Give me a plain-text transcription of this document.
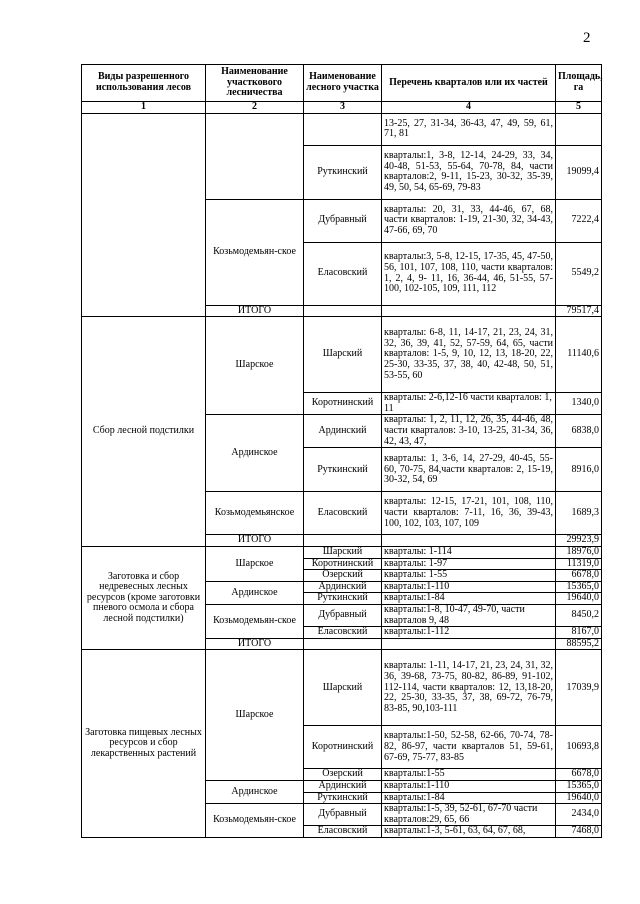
2
Виды разрешенного использования лесов	Наименование участкового лесничества	Наименование лесного участка	Перечень кварталов или их частей	Площадь, га
1	2	3	4	5
			13-25, 27, 31-34, 36-43, 47, 49, 59, 61, 71, 81	
		Руткинский	кварталы:1, 3-8, 12-14, 24-29, 33, 34, 40-48, 51-53, 55-64, 70-78, 84, части кварталов:2, 9-11, 15-23, 30-32, 35-39, 49, 50, 54, 65-69, 79-83	19099,4
	Козьмодемьян-ское	Дубравный	кварталы: 20, 31, 33, 44-46, 67, 68, части кварталов: 1-19, 21-30, 32, 34-43, 47-66, 69, 70	7222,4
		Еласовский	кварталы:3, 5-8, 12-15, 17-35, 45, 47-50, 56, 101, 107, 108, 110, части кварталов: 1, 2, 4, 9- 11, 16, 36-44, 46, 51-55, 57-100, 102-105, 109, 111, 112	5549,2
	ИТОГО			79517,4
Сбор лесной подстилки	Шарское	Шарский	кварталы: 6-8, 11, 14-17, 21, 23, 24, 31, 32, 36, 39, 41, 52, 57-59, 64, 65, части кварталов: 1-5, 9, 10, 12, 13, 18-20, 22, 25-30, 33-35, 37, 38, 40, 42-48, 50, 51, 53-55, 60	11140,6
		Коротнинский	кварталы: 2-6,12-16 части кварталов: 1, 11	1340,0
	Ардинское	Ардинский	кварталы: 1, 2, 11, 12, 26, 35, 44-46, 48, части кварталов: 3-10, 13-25, 31-34, 36, 42, 43, 47,	6838,0
		Руткинский	кварталы: 1, 3-6, 14, 27-29, 40-45, 55-60, 70-75, 84,части кварталов: 2, 15-19, 30-32, 54, 69	8916,0
	Козьмодемьянское	Еласовский	кварталы: 12-15, 17-21, 101, 108, 110, части кварталов: 7-11, 16, 36, 39-43, 100, 102, 103, 107, 109	1689,3
	ИТОГО			29923,9
Заготовка и сбор недревесных лесных ресурсов (кроме заготовки пневого осмола и сбора лесной подстилки)	Шарское	Шарский	кварталы: 1-114	18976,0
		Коротнинский	кварталы: 1-97	11319,0
		Озерский	кварталы: 1-55	6678,0
	Ардинское	Ардинский	кварталы:1-110	15365,0
		Руткинский	кварталы:1-84	19640,0
	Козьмодемьян-ское	Дубравный	кварталы:1-8, 10-47, 49-70, части кварталов 9, 48	8450,2
		Еласовский	кварталы:1-112	8167,0
	ИТОГО			88595,2
Заготовка пищевых лесных ресурсов и сбор лекарственных растений	Шарское	Шарский	кварталы: 1-11, 14-17, 21, 23, 24, 31, 32, 36, 39-68, 73-75, 80-82, 86-89, 91-102, 112-114, части кварталов: 12, 13,18-20, 22, 25-30, 33-35, 37, 38, 69-72, 76-79, 83-85, 90,103-111	17039,9
		Коротнинский	кварталы:1-50, 52-58, 62-66, 70-74, 78-82, 86-97, части кварталов 51, 59-61, 67-69, 75-77, 83-85	10693,8
		Озерский	кварталы:1-55	6678,0
	Ардинское	Ардинский	кварталы:1-110	15365,0
		Руткинский	кварталы:1-84	19640,0
	Козьмодемьян-ское	Дубравный	кварталы:1-5, 39, 52-61, 67-70 части кварталов:29, 65, 66	2434,0
		Еласовский	кварталы:1-3, 5-61, 63, 64, 67, 68,	7468,0
